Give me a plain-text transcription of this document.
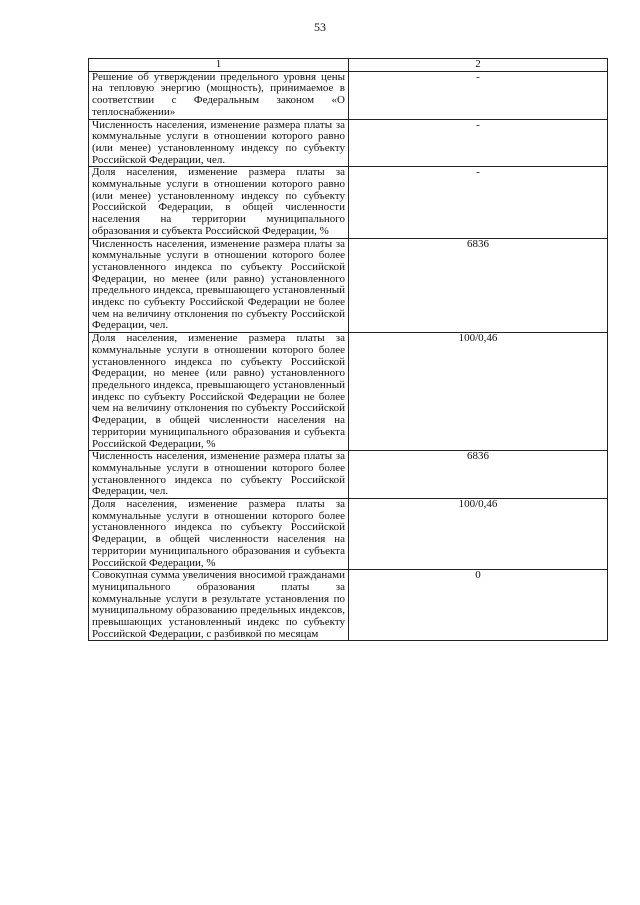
53
1	2
Решение об утверждении предельного уровня цены на тепловую энергию (мощность), принимаемое в соответствии с Федеральным законом «О теплоснабжении»	-
Численность населения, изменение размера платы за коммунальные услуги в отношении которого равно (или менее) установленному индексу по субъекту Российской Федерации, чел.	-
Доля населения, изменение размера платы за коммунальные услуги в отношении которого равно (или менее) установленному индексу по субъекту Российской Федерации, в общей численности населения на территории муниципального образования и субъекта Российской Федерации, %	-
Численность населения, изменение размера платы за коммунальные услуги в отношении которого более установленного индекса по субъекту Российской Федерации, но менее (или равно) установленного предельного индекса, превышающего установленный индекс по субъекту Российской Федерации не более чем на величину отклонения по субъекту Российской Федерации, чел.	6836
Доля населения, изменение размера платы за коммунальные услуги в отношении которого более установленного индекса по субъекту Российской Федерации, но менее (или равно) установленного предельного индекса, превышающего установленный индекс по субъекту Российской Федерации не более чем на величину отклонения по субъекту Российской Федерации, в общей численности населения на территории муниципального образования и субъекта Российской Федерации, %	100/0,46
Численность населения, изменение размера платы за коммунальные услуги в отношении которого более установленного индекса по субъекту Российской Федерации, чел.	6836
Доля населения, изменение размера платы за коммунальные услуги в отношении которого более установленного индекса по субъекту Российской Федерации, в общей численности населения на территории муниципального образования и субъекта Российской Федерации, %	100/0,46
Совокупная сумма увеличения вносимой гражданами муниципального образования платы за коммунальные услуги в результате установления по муниципальному образованию предельных индексов, превышающих установленный индекс по субъекту Российской Федерации, с разбивкой по месяцам	0
